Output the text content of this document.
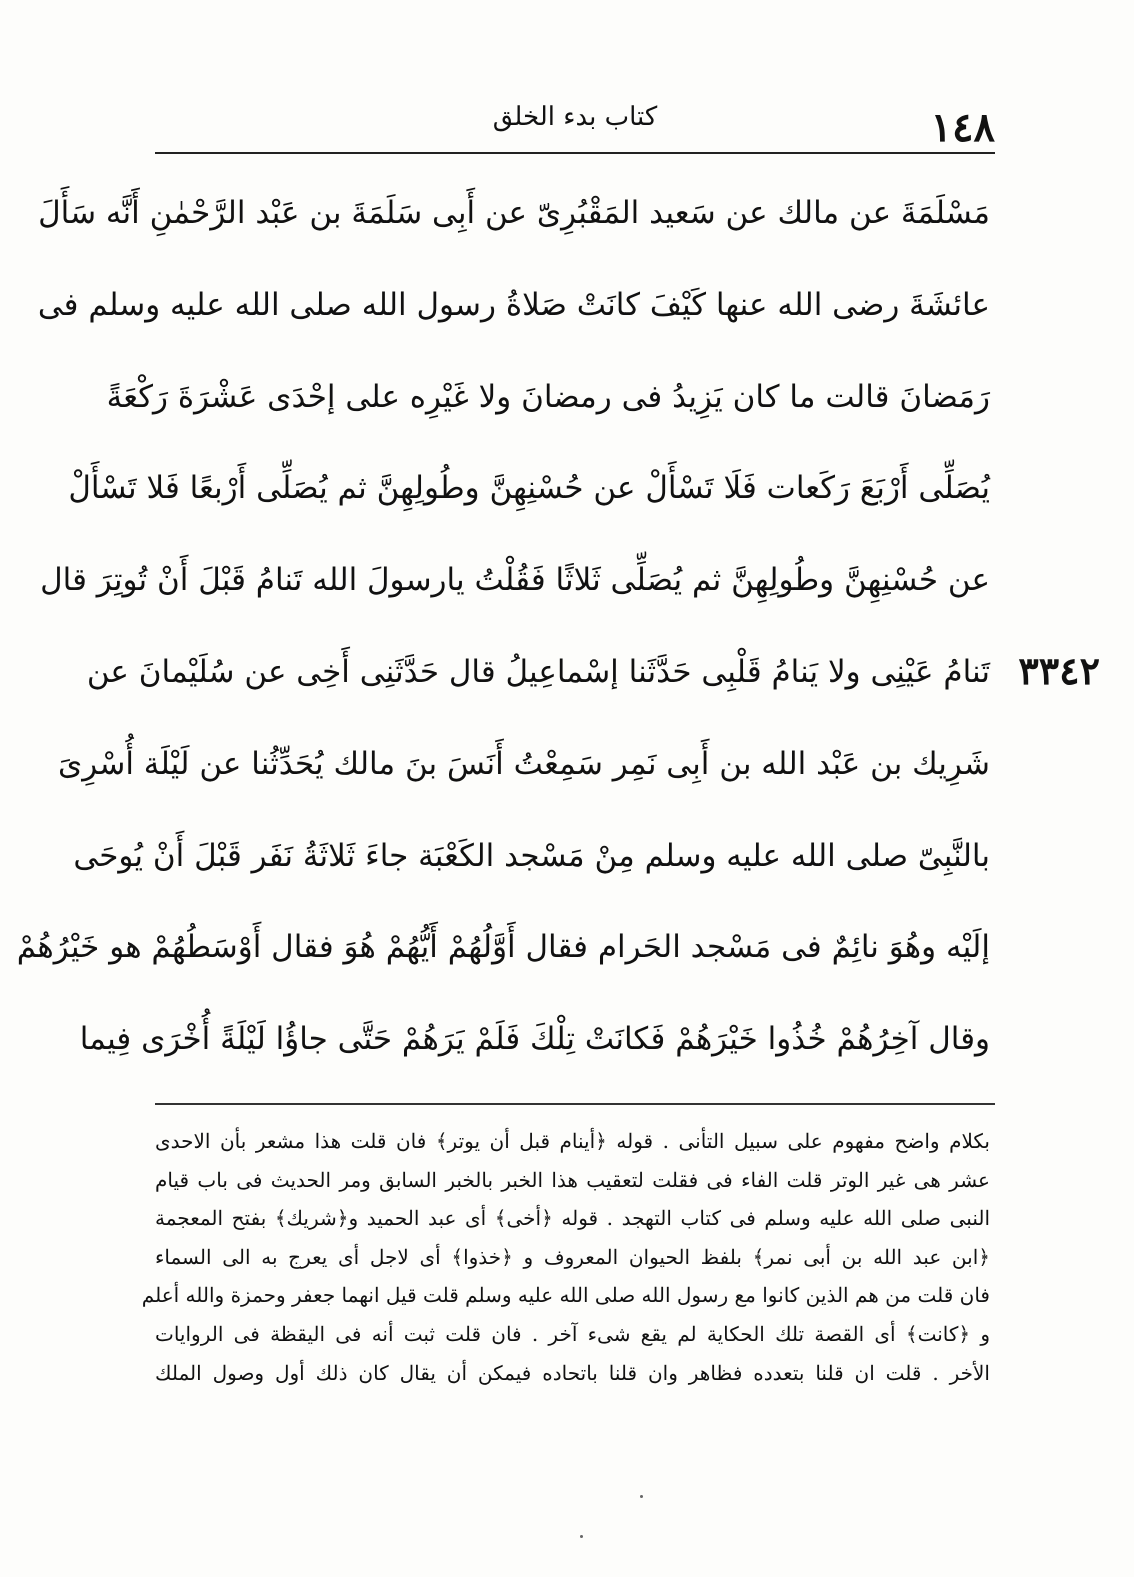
١٤٨
كتاب بدء الخلق
مَسْلَمَةَ عن مالك عن سَعيد المَقْبُرِىّ عن أَبِى سَلَمَةَ بن عَبْد الرَّحْمٰنِ أَنَّه سَأَلَ
عائشَةَ رضى الله عنها كَيْفَ كانَتْ صَلاةُ رسول الله صلى الله عليه وسلم فى
رَمَضانَ قالت ما كان يَزِيدُ فى رمضانَ ولا غَيْرِه على إحْدَى عَشْرَةَ رَكْعَةً
يُصَلِّى أَرْبَعَ رَكَعات فَلَا تَسْأَلْ عن حُسْنِهِنَّ وطُولِهِنَّ ثم يُصَلِّى أَرْبعًا فَلا تَسْأَلْ
عن حُسْنِهِنَّ وطُولِهِنَّ ثم يُصَلِّى ثَلاثًا فَقُلْتُ يارسولَ الله تَنامُ قَبْلَ أَنْ تُوتِرَ قال
تَنامُ عَيْنِى ولا يَنامُ قَلْبِى حَدَّثَنا إسْماعِيلُ قال حَدَّثَنِى أَخِى عن سُلَيْمانَ عن
شَرِيك بن عَبْد الله بن أَبِى نَمِر سَمِعْتُ أَنَسَ بنَ مالك يُحَدِّثُنا عن لَيْلَة أُسْرِىَ
بالنَّبِىّ صلى الله عليه وسلم مِنْ مَسْجد الكَعْبَة جاءَ ثَلاثَةُ نَفَر قَبْلَ أَنْ يُوحَى
إلَيْه وهُوَ نائِمٌ فى مَسْجد الحَرام فقال أَوَّلُهُمْ أَيُّهُمْ هُوَ فقال أَوْسَطُهُمْ هو خَيْرُهُمْ
وقال آخِرُهُمْ خُذُوا خَيْرَهُمْ فَكانَتْ تِلْكَ فَلَمْ يَرَهُمْ حَتَّى جاؤُا لَيْلَةً أُخْرَى فِيما
٣٣٤٢
بكلام واضح مفهوم على سبيل التأنى . قوله ﴿أينام قبل أن يوتر﴾ فان قلت هذا مشعر بأن الاحدى
عشر هى غير الوتر قلت الفاء فى فقلت لتعقيب هذا الخبر بالخبر السابق ومر الحديث فى باب قيام
النبى صلى الله عليه وسلم فى كتاب التهجد . قوله ﴿أخى﴾ أى عبد الحميد و﴿شريك﴾ بفتح المعجمة
﴿ابن عبد الله بن أبى نمر﴾ بلفظ الحيوان المعروف و ﴿خذوا﴾ أى لاجل أى يعرج به الى السماء
فان قلت من هم الذين كانوا مع رسول الله صلى الله عليه وسلم قلت قيل انهما جعفر وحمزة والله أعلم
و ﴿كانت﴾ أى القصة تلك الحكاية لم يقع شىء آخر . فان قلت ثبت أنه فى اليقظة فى الروايات
الأخر . قلت ان قلنا بتعدده فظاهر وان قلنا باتحاده فيمكن أن يقال كان ذلك أول وصول الملك
